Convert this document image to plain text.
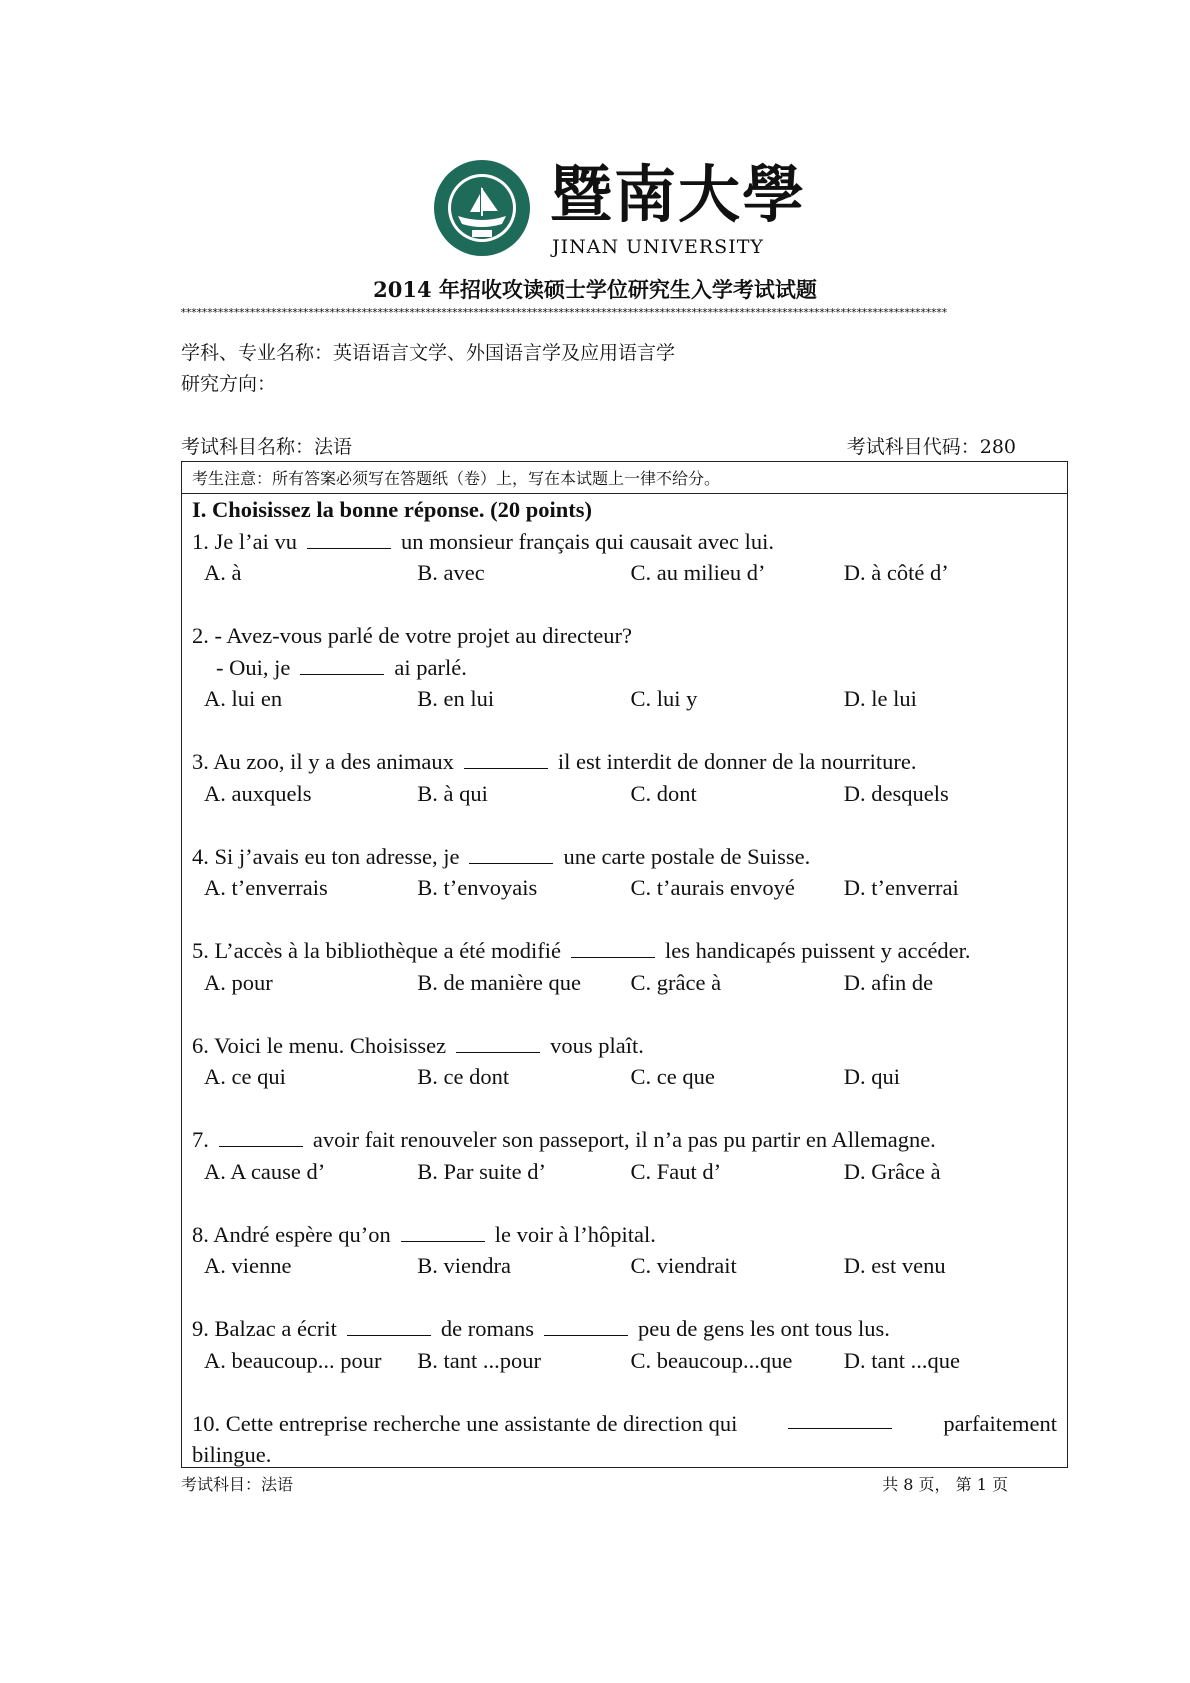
暨南大學
JINAN UNIVERSITY
2014 年招收攻读硕士学位研究生入学考试试题
************************************************************************************************************************************************
学科、专业名称：英语语言文学、外国语言学及应用语言学
研究方向：
考试科目名称：法语	考试科目代码：280
考生注意：所有答案必须写在答题纸（卷）上，写在本试题上一律不给分。
I. Choisissez la bonne réponse. (20 points)
1. Je l’ai vu	un monsieur français qui causait avec lui.
A. à	B. avec	C. au milieu d’	D. à côté d’
2. - Avez-vous parlé de votre projet au directeur?
- Oui, je	ai parlé.
A. lui en	B. en lui	C. lui y	D. le lui
3. Au zoo, il y a des animaux	il est interdit de donner de la nourriture.
A. auxquels	B. à qui	C. dont	D. desquels
4. Si j’avais eu ton adresse, je	une carte postale de Suisse.
A. t’enverrais	B. t’envoyais	C. t’aurais envoyé	D. t’enverrai
5. L’accès à la bibliothèque a été modifié	les handicapés puissent y accéder.
A. pour	B. de manière que	C. grâce à	D. afin de
6. Voici le menu. Choisissez	vous plaît.
A. ce qui	B. ce dont	C. ce que	D. qui
7.	avoir fait renouveler son passeport, il n’a pas pu partir en Allemagne.
A. A cause d’	B. Par suite d’	C. Faut d’	D. Grâce à
8. André espère qu’on	le voir à l’hôpital.
A. vienne	B. viendra	C. viendrait	D. est venu
9. Balzac a écrit	de romans	peu de gens les ont tous lus.
A. beaucoup... pour	B. tant ...pour	C. beaucoup...que	D. tant ...que
10. Cette entreprise recherche une assistante de direction qui	parfaitement
bilingue.
考试科目：法语	共 8 页， 第 1 页
